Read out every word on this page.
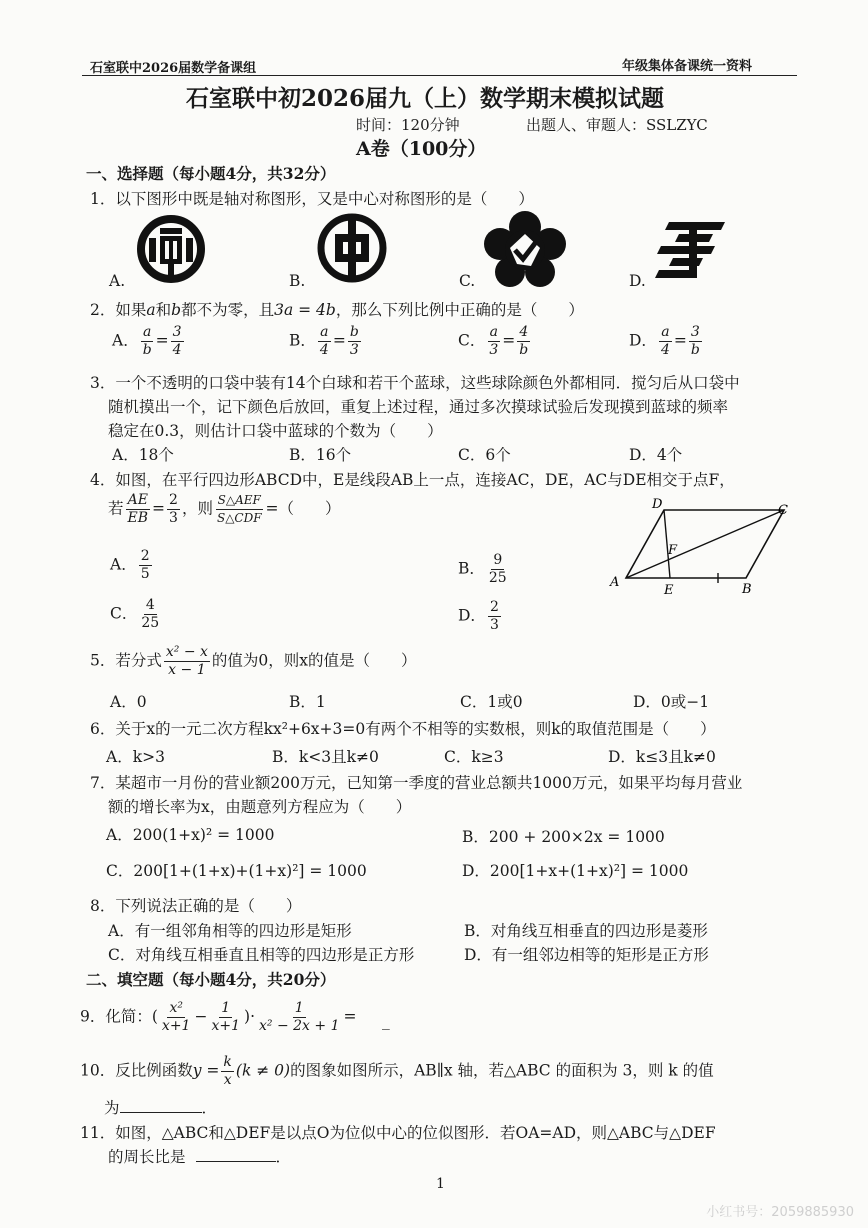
石室联中2026届数学备课组	年级集体备课统一资料
石室联中初2026届九（上）数学期末模拟试题
时间：120分钟	出题人、审题人：SSLZYC
A卷（100分）
一、选择题（每小题4分，共32分）
1．以下图形中既是轴对称图形，又是中心对称图形的是（　　）
A.	B.	C.	D.
2．如果a和b都不为零，且3a = 4b，那么下列比例中正确的是（　　）
A． $\frac{a}{b} = \frac{3}{4}$	B． $\frac{a}{4} = \frac{b}{3}$	C． $\frac{a}{3} = \frac{4}{b}$	D． $\frac{a}{4} = \frac{3}{b}$
3．一个不透明的口袋中装有14个白球和若干个蓝球，这些球除颜色外都相同．搅匀后从口袋中
随机摸出一个，记下颜色后放回，重复上述过程，通过多次摸球试验后发现摸到蓝球的频率
稳定在0.3，则估计口袋中蓝球的个数为（　　）
A．18个	B．16个	C．6个	D．4个
4．如图，在平行四边形ABCD中，E是线段AB上一点，连接AC，DE，AC与DE相交于点F，
若 $\frac{AE}{EB} = \frac{2}{3}$ ，则 $\frac{\text{S△AEF}}{\text{S△CDF}}$ =（　　）
A． $\frac{2}{5}$	B． $\frac{9}{25}$
C． $\frac{4}{25}$	D． $\frac{2}{3}$
D	C
F
A
E	B
5．若分式 $\frac{\text{x² − x}}{x - 1}$ 的值为0，则x的值是（　　）
A．0	B．1	C．1或0	D．0或−1
6．关于x的一元二次方程kx²+6x+3=0有两个不相等的实数根，则k的取值范围是（　　）
A．k>3	B．k<3且k≠0	C．k≥3	D．k≤3且k≠0
7．某超市一月份的营业额200万元，已知第一季度的营业总额共1000万元，如果平均每月营业
额的增长率为x，由题意列方程应为（　　）
A．200(1+x)² = 1000	B．200 + 200×2x = 1000
C．200[1+(1+x)+(1+x)²] = 1000	D．200[1+x+(1+x)²] = 1000
8．下列说法正确的是（　　）
A．有一组邻角相等的四边形是矩形	B．对角线互相垂直的四边形是菱形
C．对角线互相垂直且相等的四边形是正方形	D．有一组邻边相等的矩形是正方形
二、填空题（每小题4分，共20分）
9．化简：( $\frac{\text{x²}}{x+1} - \frac{1}{x+1}$ )· $\frac{1}{\text{x² − 2x + 1}}$ = _
10．反比例函数$y = \frac{k}{x} (k \ne 0)$的图象如图所示，AB∥x 轴，若△ABC 的面积为 3，则 k 的值
为	．
11．如图，△ABC和△DEF是以点O为位似中心的位似图形．若OA=AD，则△ABC与△DEF
的周长比是	．
1
小红书号：2059885930
